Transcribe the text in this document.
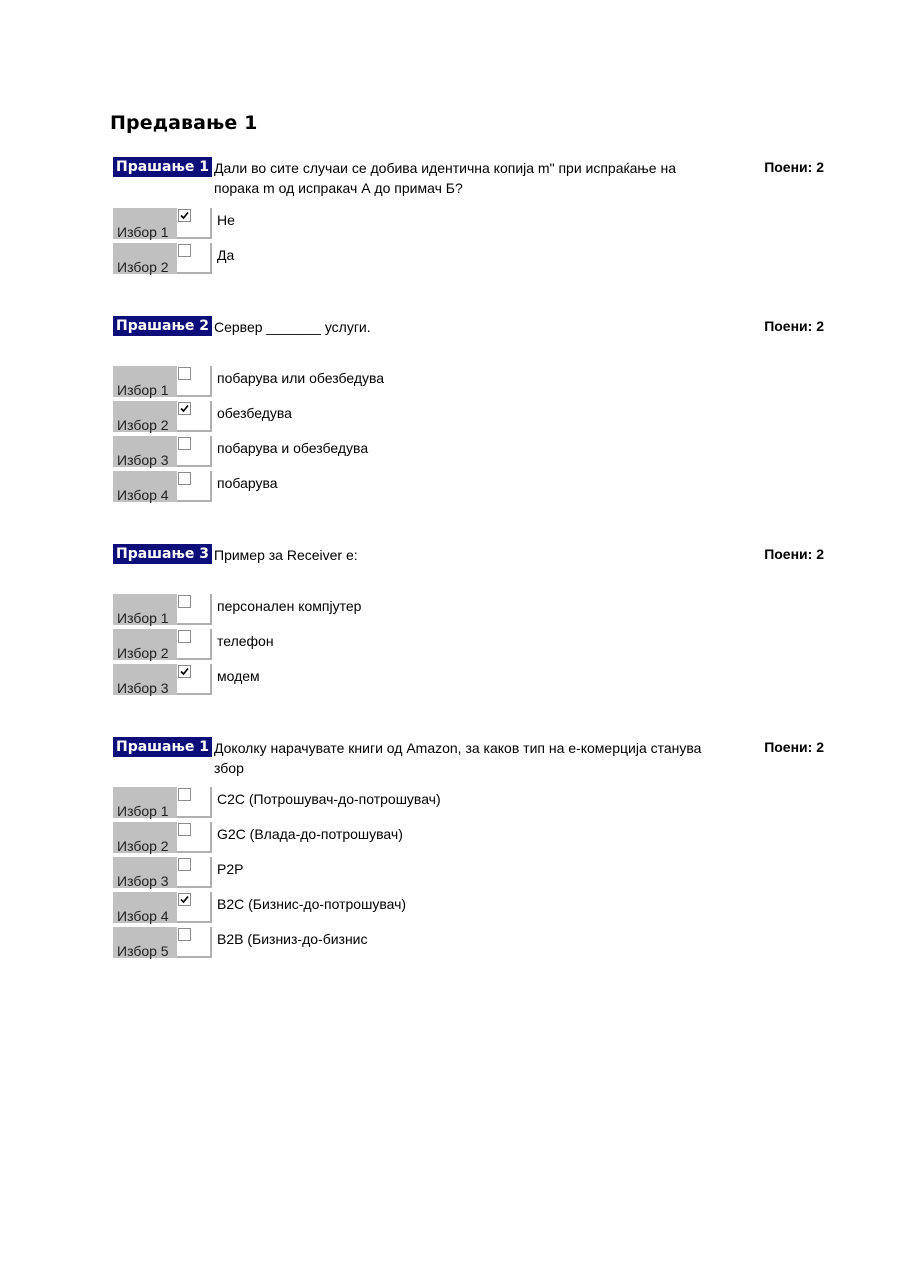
Предавање 1
Прашање 1 Дали во сите случаи се добива идентична копија m" при испраќање на порака m од испракач А до примач Б?
Поени: 2
Избор 1
Не
Избор 2
Да
Прашање 2 Сервер _______ услуги.	Поени: 2
Избор 1
побарува или обезбедува
Избор 2
обезбедува
Избор 3
побарува и обезбедува
Избор 4
побарува
Прашање 3 Пример за Receiver е:	Поени: 2
Избор 1
персонален компјутер
Избор 2
телефон
Избор 3
модем
Прашање 1 Доколку нарачувате книги од Amazon, за каков тип на е-комерција станува збор
Поени: 2
Избор 1
C2C (Потрошувач-до-потрошувач)
Избор 2
G2C (Влада-до-потрошувач)
Избор 3
P2P
Избор 4
B2C (Бизнис-до-потрошувач)
Избор 5
B2B (Бизниз-до-бизнис
